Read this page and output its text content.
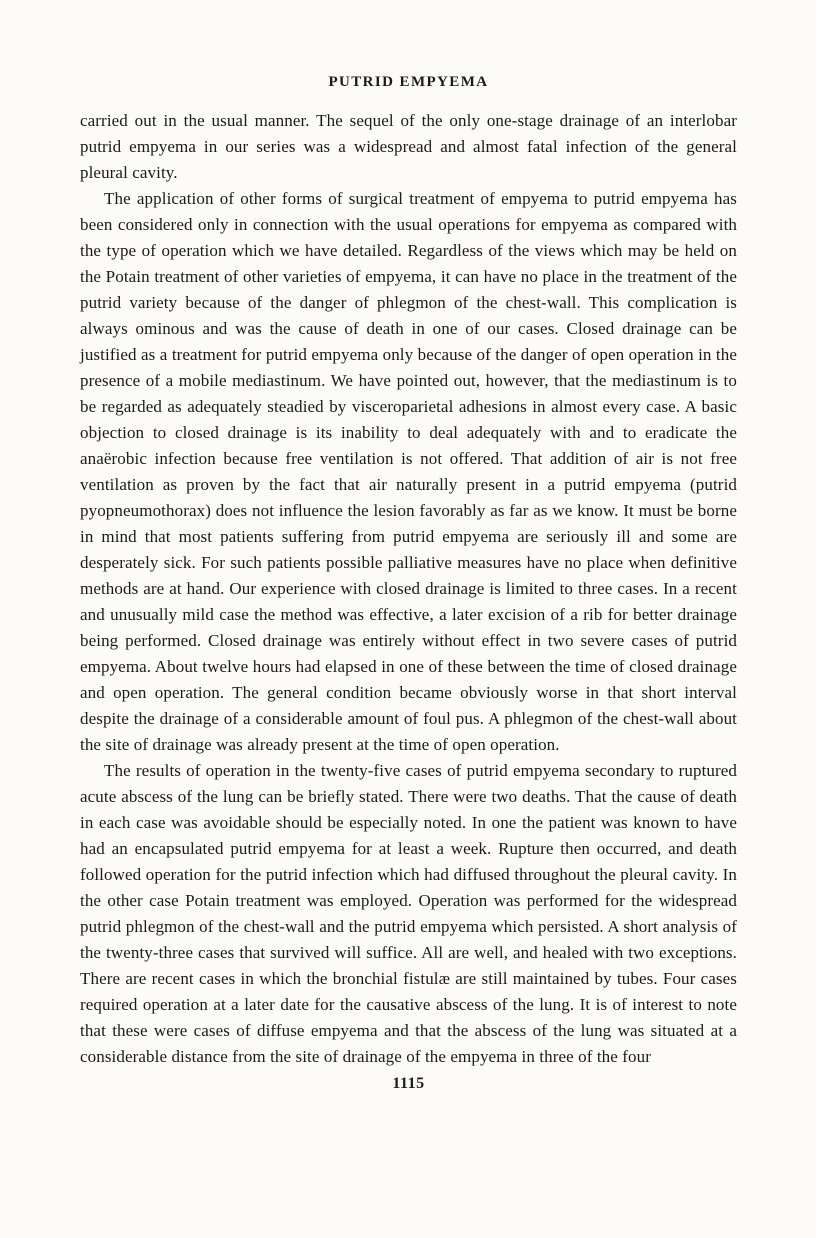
PUTRID EMPYEMA

carried out in the usual manner. The sequel of the only one-stage drainage of an interlobar putrid empyema in our series was a widespread and almost fatal infection of the general pleural cavity.

The application of other forms of surgical treatment of empyema to putrid empyema has been considered only in connection with the usual operations for empyema as compared with the type of operation which we have detailed. Regardless of the views which may be held on the Potain treatment of other varieties of empyema, it can have no place in the treatment of the putrid variety because of the danger of phlegmon of the chest-wall. This complication is always ominous and was the cause of death in one of our cases. Closed drainage can be justified as a treatment for putrid empyema only because of the danger of open operation in the presence of a mobile mediastinum. We have pointed out, however, that the mediastinum is to be regarded as adequately steadied by visceroparietal adhesions in almost every case. A basic objection to closed drainage is its inability to deal adequately with and to eradicate the anaërobic infection because free ventilation is not offered. That addition of air is not free ventilation as proven by the fact that air naturally present in a putrid empyema (putrid pyopneumothorax) does not influence the lesion favorably as far as we know. It must be borne in mind that most patients suffering from putrid empyema are seriously ill and some are desperately sick. For such patients possible palliative measures have no place when definitive methods are at hand. Our experience with closed drainage is limited to three cases. In a recent and unusually mild case the method was effective, a later excision of a rib for better drainage being performed. Closed drainage was entirely without effect in two severe cases of putrid empyema. About twelve hours had elapsed in one of these between the time of closed drainage and open operation. The general condition became obviously worse in that short interval despite the drainage of a considerable amount of foul pus. A phlegmon of the chest-wall about the site of drainage was already present at the time of open operation.

The results of operation in the twenty-five cases of putrid empyema secondary to ruptured acute abscess of the lung can be briefly stated. There were two deaths. That the cause of death in each case was avoidable should be especially noted. In one the patient was known to have had an encapsulated putrid empyema for at least a week. Rupture then occurred, and death followed operation for the putrid infection which had diffused throughout the pleural cavity. In the other case Potain treatment was employed. Operation was performed for the widespread putrid phlegmon of the chest-wall and the putrid empyema which persisted. A short analysis of the twenty-three cases that survived will suffice. All are well, and healed with two exceptions. There are recent cases in which the bronchial fistulæ are still maintained by tubes. Four cases required operation at a later date for the causative abscess of the lung. It is of interest to note that these were cases of diffuse empyema and that the abscess of the lung was situated at a considerable distance from the site of drainage of the empyema in three of the four

1115
